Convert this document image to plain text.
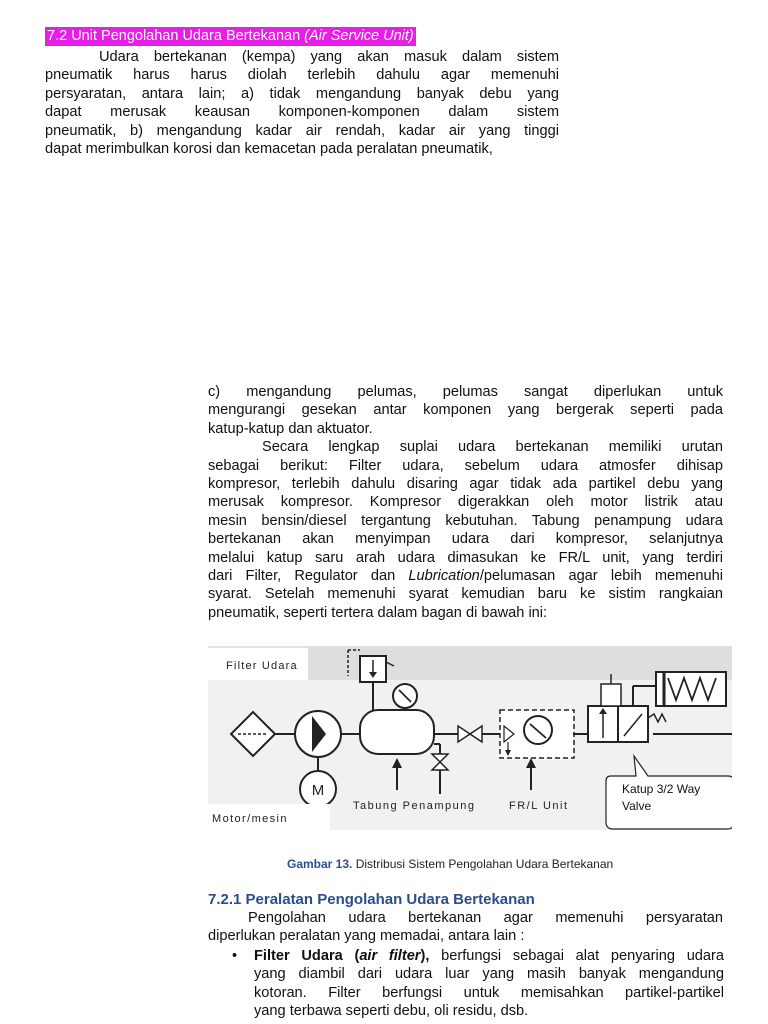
7.2 Unit Pengolahan Udara Bertekanan (Air Service Unit)
Udara bertekanan (kempa) yang akan masuk dalam sistem
pneumatik harus harus diolah terlebih dahulu agar memenuhi
persyaratan, antara lain; a) tidak mengandung banyak debu yang
dapat merusak keausan komponen-komponen dalam sistem
pneumatik, b) mengandung kadar air rendah, kadar air yang tinggi
dapat merimbulkan korosi dan kemacetan pada peralatan pneumatik,
c) mengandung pelumas, pelumas sangat diperlukan untuk
mengurangi gesekan antar komponen yang bergerak seperti pada
katup-katup dan aktuator.
Secara lengkap suplai udara bertekanan memiliki urutan
sebagai berikut: Filter udara, sebelum udara atmosfer dihisap
kompresor, terlebih dahulu disaring agar tidak ada partikel debu yang
merusak kompresor. Kompresor digerakkan oleh motor listrik atau
mesin bensin/diesel tergantung kebutuhan. Tabung penampung udara
bertekanan akan menyimpan udara dari kompresor, selanjutnya
melalui katup saru arah udara dimasukan ke FR/L unit, yang terdiri
dari Filter, Regulator dan Lubrication/pelumasan agar lebih memenuhi
syarat. Setelah memenuhi syarat kemudian baru ke sistim rangkaian
pneumatik, seperti tertera dalam bagan di bawah ini:
Filter Udara
M
Motor/mesin
Tabung Penampung	FR/L Unit
Katup 3/2 Way
Valve
Gambar 13. Distribusi Sistem Pengolahan Udara Bertekanan
7.2.1 Peralatan Pengolahan Udara Bertekanan
Pengolahan udara bertekanan agar memenuhi persyaratan
diperlukan peralatan yang memadai, antara lain :
• Filter Udara (air filter), berfungsi sebagai alat penyaring udara
yang diambil dari udara luar yang masih banyak mengandung
kotoran. Filter berfungsi untuk memisahkan partikel-partikel
yang terbawa seperti debu, oli residu, dsb.
